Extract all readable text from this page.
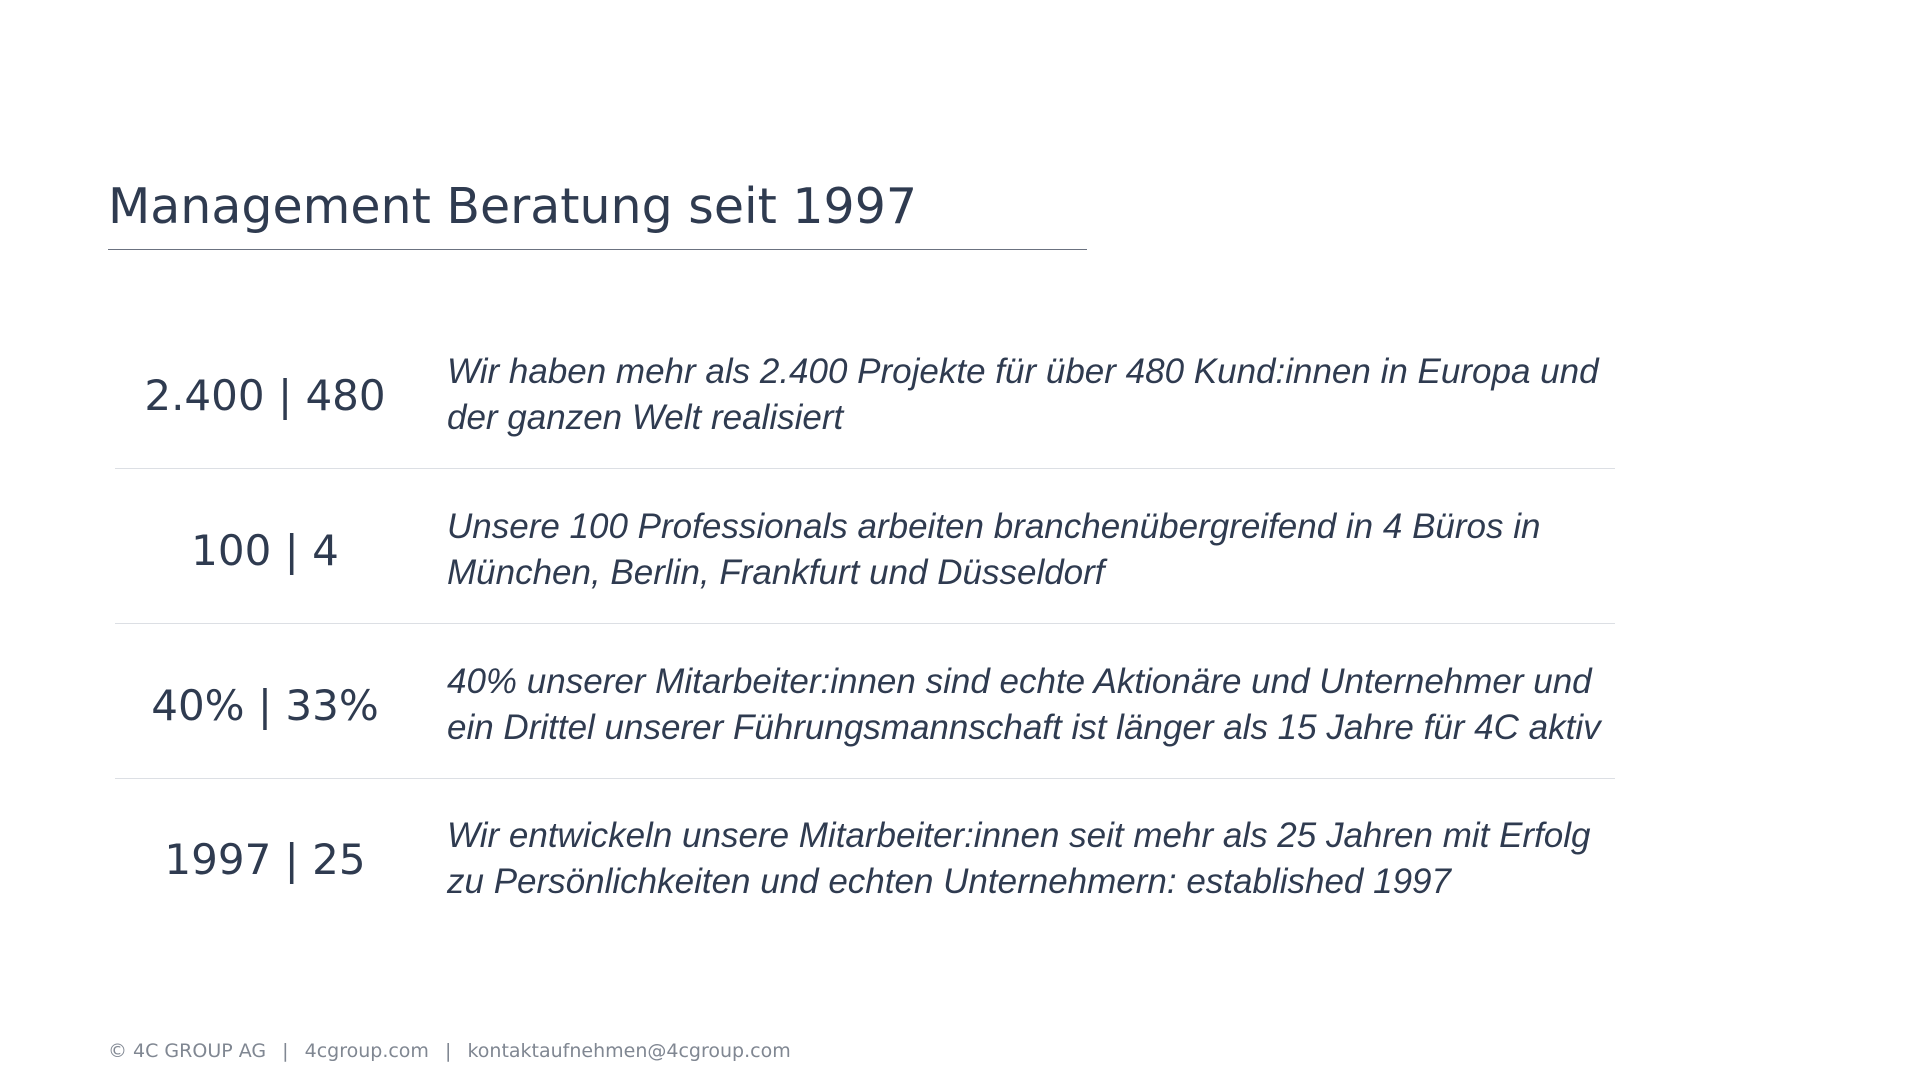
Management Beratung seit 1997
2.400 | 480	Wir haben mehr als 2.400 Projekte für über 480 Kund:innen in Europa und der ganzen Welt realisiert
100 | 4	Unsere 100 Professionals arbeiten branchenübergreifend in 4 Büros in München, Berlin, Frankfurt und Düsseldorf
40% | 33%	40% unserer Mitarbeiter:innen sind echte Aktionäre und Unternehmer und ein Drittel unserer Führungsmannschaft ist länger als 15 Jahre für 4C aktiv
1997 | 25	Wir entwickeln unsere Mitarbeiter:innen seit mehr als 25 Jahren mit Erfolg zu Persönlichkeiten und echten Unternehmern: established 1997
© 4C GROUP AG | 4cgroup.com | kontaktaufnehmen@4cgroup.com
